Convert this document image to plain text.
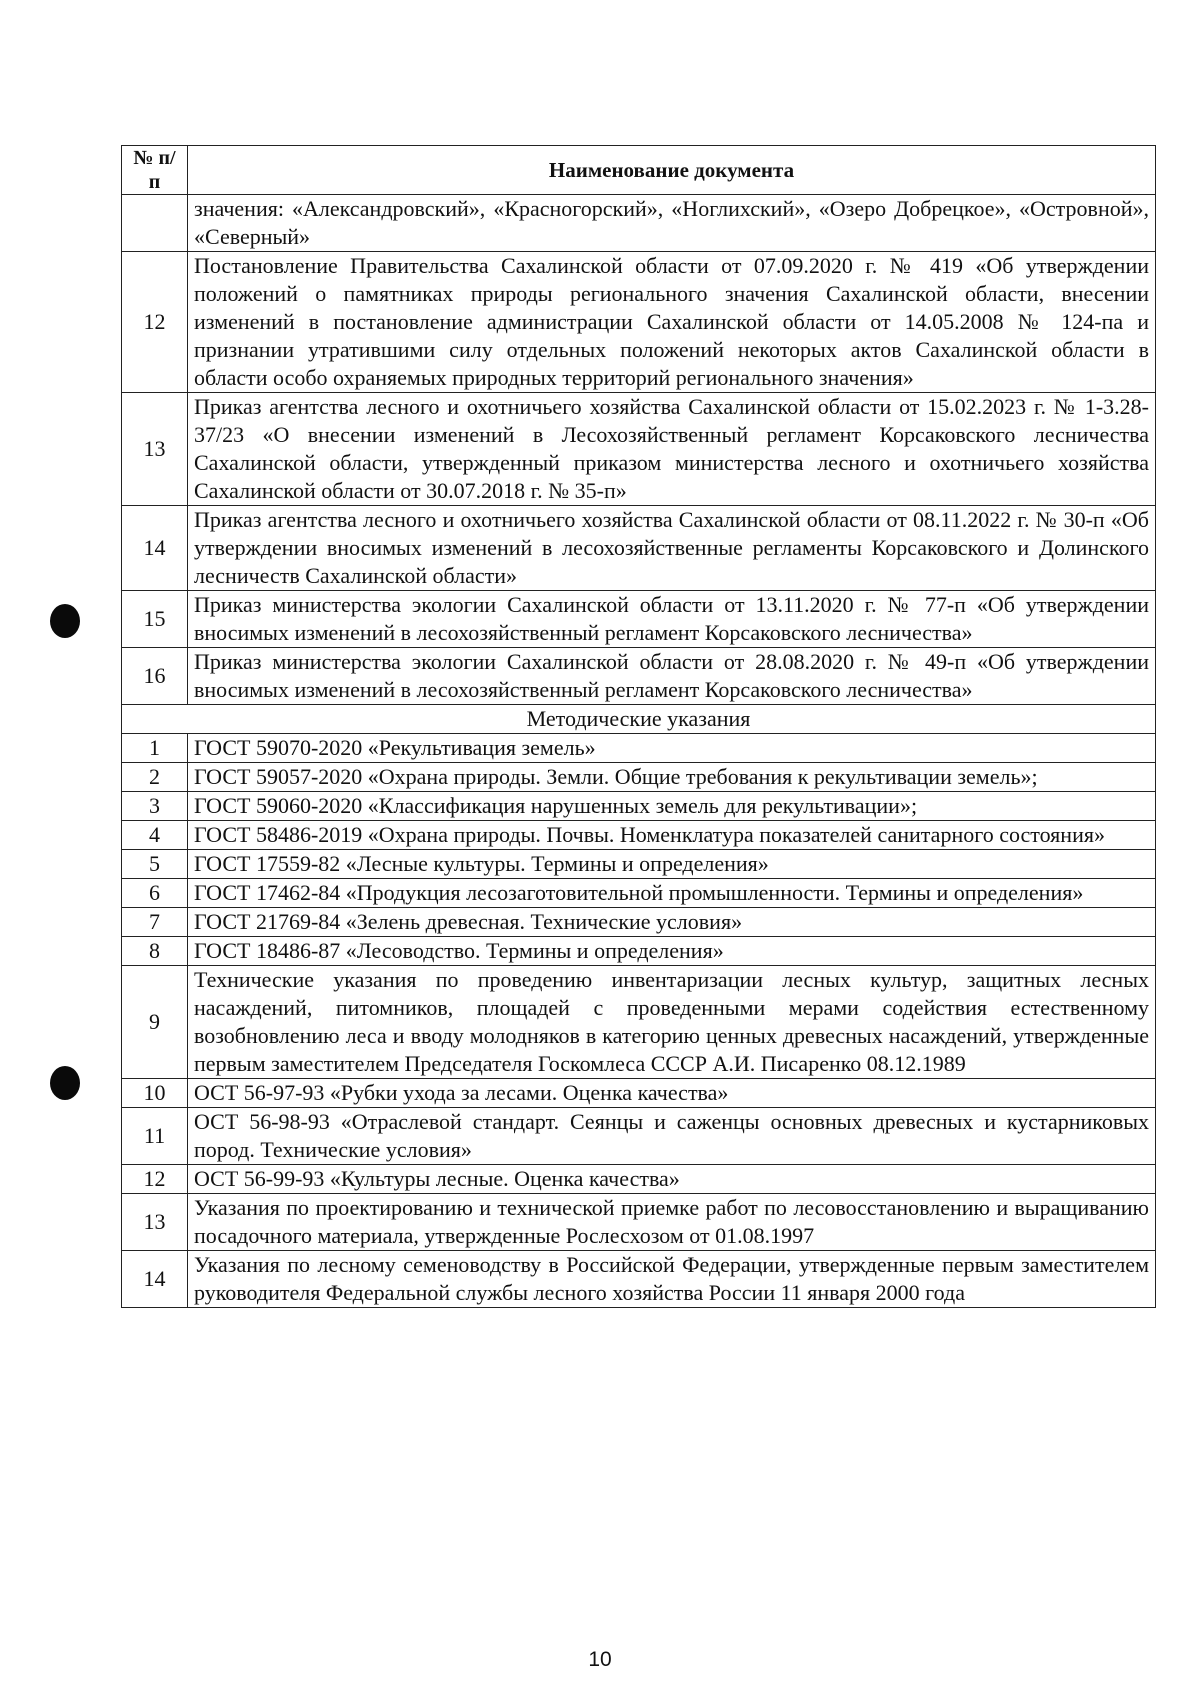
№ п/п	Наименование документа
	значения: «Александровский», «Красногорский», «Ноглихский», «Озеро Добрецкое», «Островной», «Северный»
12	Постановление Правительства Сахалинской области от 07.09.2020 г. № 419 «Об утверждении положений о памятниках природы регионального значения Сахалинской области, внесении изменений в постановление администрации Сахалинской области от 14.05.2008 № 124-па и признании утратившими силу отдельных положений некоторых актов Сахалинской области в области особо охраняемых природных территорий регионального значения»
13	Приказ агентства лесного и охотничьего хозяйства Сахалинской области от 15.02.2023 г. № 1-3.28-37/23 «О внесении изменений в Лесохозяйственный регламент Корсаковского лесничества Сахалинской области, утвержденный приказом министерства лесного и охотничьего хозяйства Сахалинской области от 30.07.2018 г. № 35-п»
14	Приказ агентства лесного и охотничьего хозяйства Сахалинской области от 08.11.2022 г. № 30-п «Об утверждении вносимых изменений в лесохозяйственные регламенты Корсаковского и Долинского лесничеств Сахалинской области»
15	Приказ министерства экологии Сахалинской области от 13.11.2020 г. № 77-п «Об утверждении вносимых изменений в лесохозяйственный регламент Корсаковского лесничества»
16	Приказ министерства экологии Сахалинской области от 28.08.2020 г. № 49-п «Об утверждении вносимых изменений в лесохозяйственный регламент Корсаковского лесничества»
Методические указания	
1	ГОСТ 59070-2020 «Рекультивация земель»
2	ГОСТ 59057-2020 «Охрана природы. Земли. Общие требования к рекультивации земель»;
3	ГОСТ 59060-2020 «Классификация нарушенных земель для рекультивации»;
4	ГОСТ 58486-2019 «Охрана природы. Почвы. Номенклатура показателей санитарного состояния»
5	ГОСТ 17559-82 «Лесные культуры. Термины и определения»
6	ГОСТ 17462-84 «Продукция лесозаготовительной промышленности. Термины и определения»
7	ГОСТ 21769-84 «Зелень древесная. Технические условия»
8	ГОСТ 18486-87 «Лесоводство. Термины и определения»
9	Технические указания по проведению инвентаризации лесных культур, защитных лесных насаждений, питомников, площадей с проведенными мерами содействия естественному возобновлению леса и вводу молодняков в категорию ценных древесных насаждений, утвержденные первым заместителем Председателя Госкомлеса СССР А.И. Писаренко 08.12.1989
10	ОСТ 56-97-93 «Рубки ухода за лесами. Оценка качества»
11	ОСТ 56-98-93 «Отраслевой стандарт. Сеянцы и саженцы основных древесных и кустарниковых пород. Технические условия»
12	ОСТ 56-99-93 «Культуры лесные. Оценка качества»
13	Указания по проектированию и технической приемке работ по лесовосстановлению и выращиванию посадочного материала, утвержденные Рослесхозом от 01.08.1997
14	Указания по лесному семеноводству в Российской Федерации, утвержденные первым заместителем руководителя Федеральной службы лесного хозяйства России 11 января 2000 года
10
